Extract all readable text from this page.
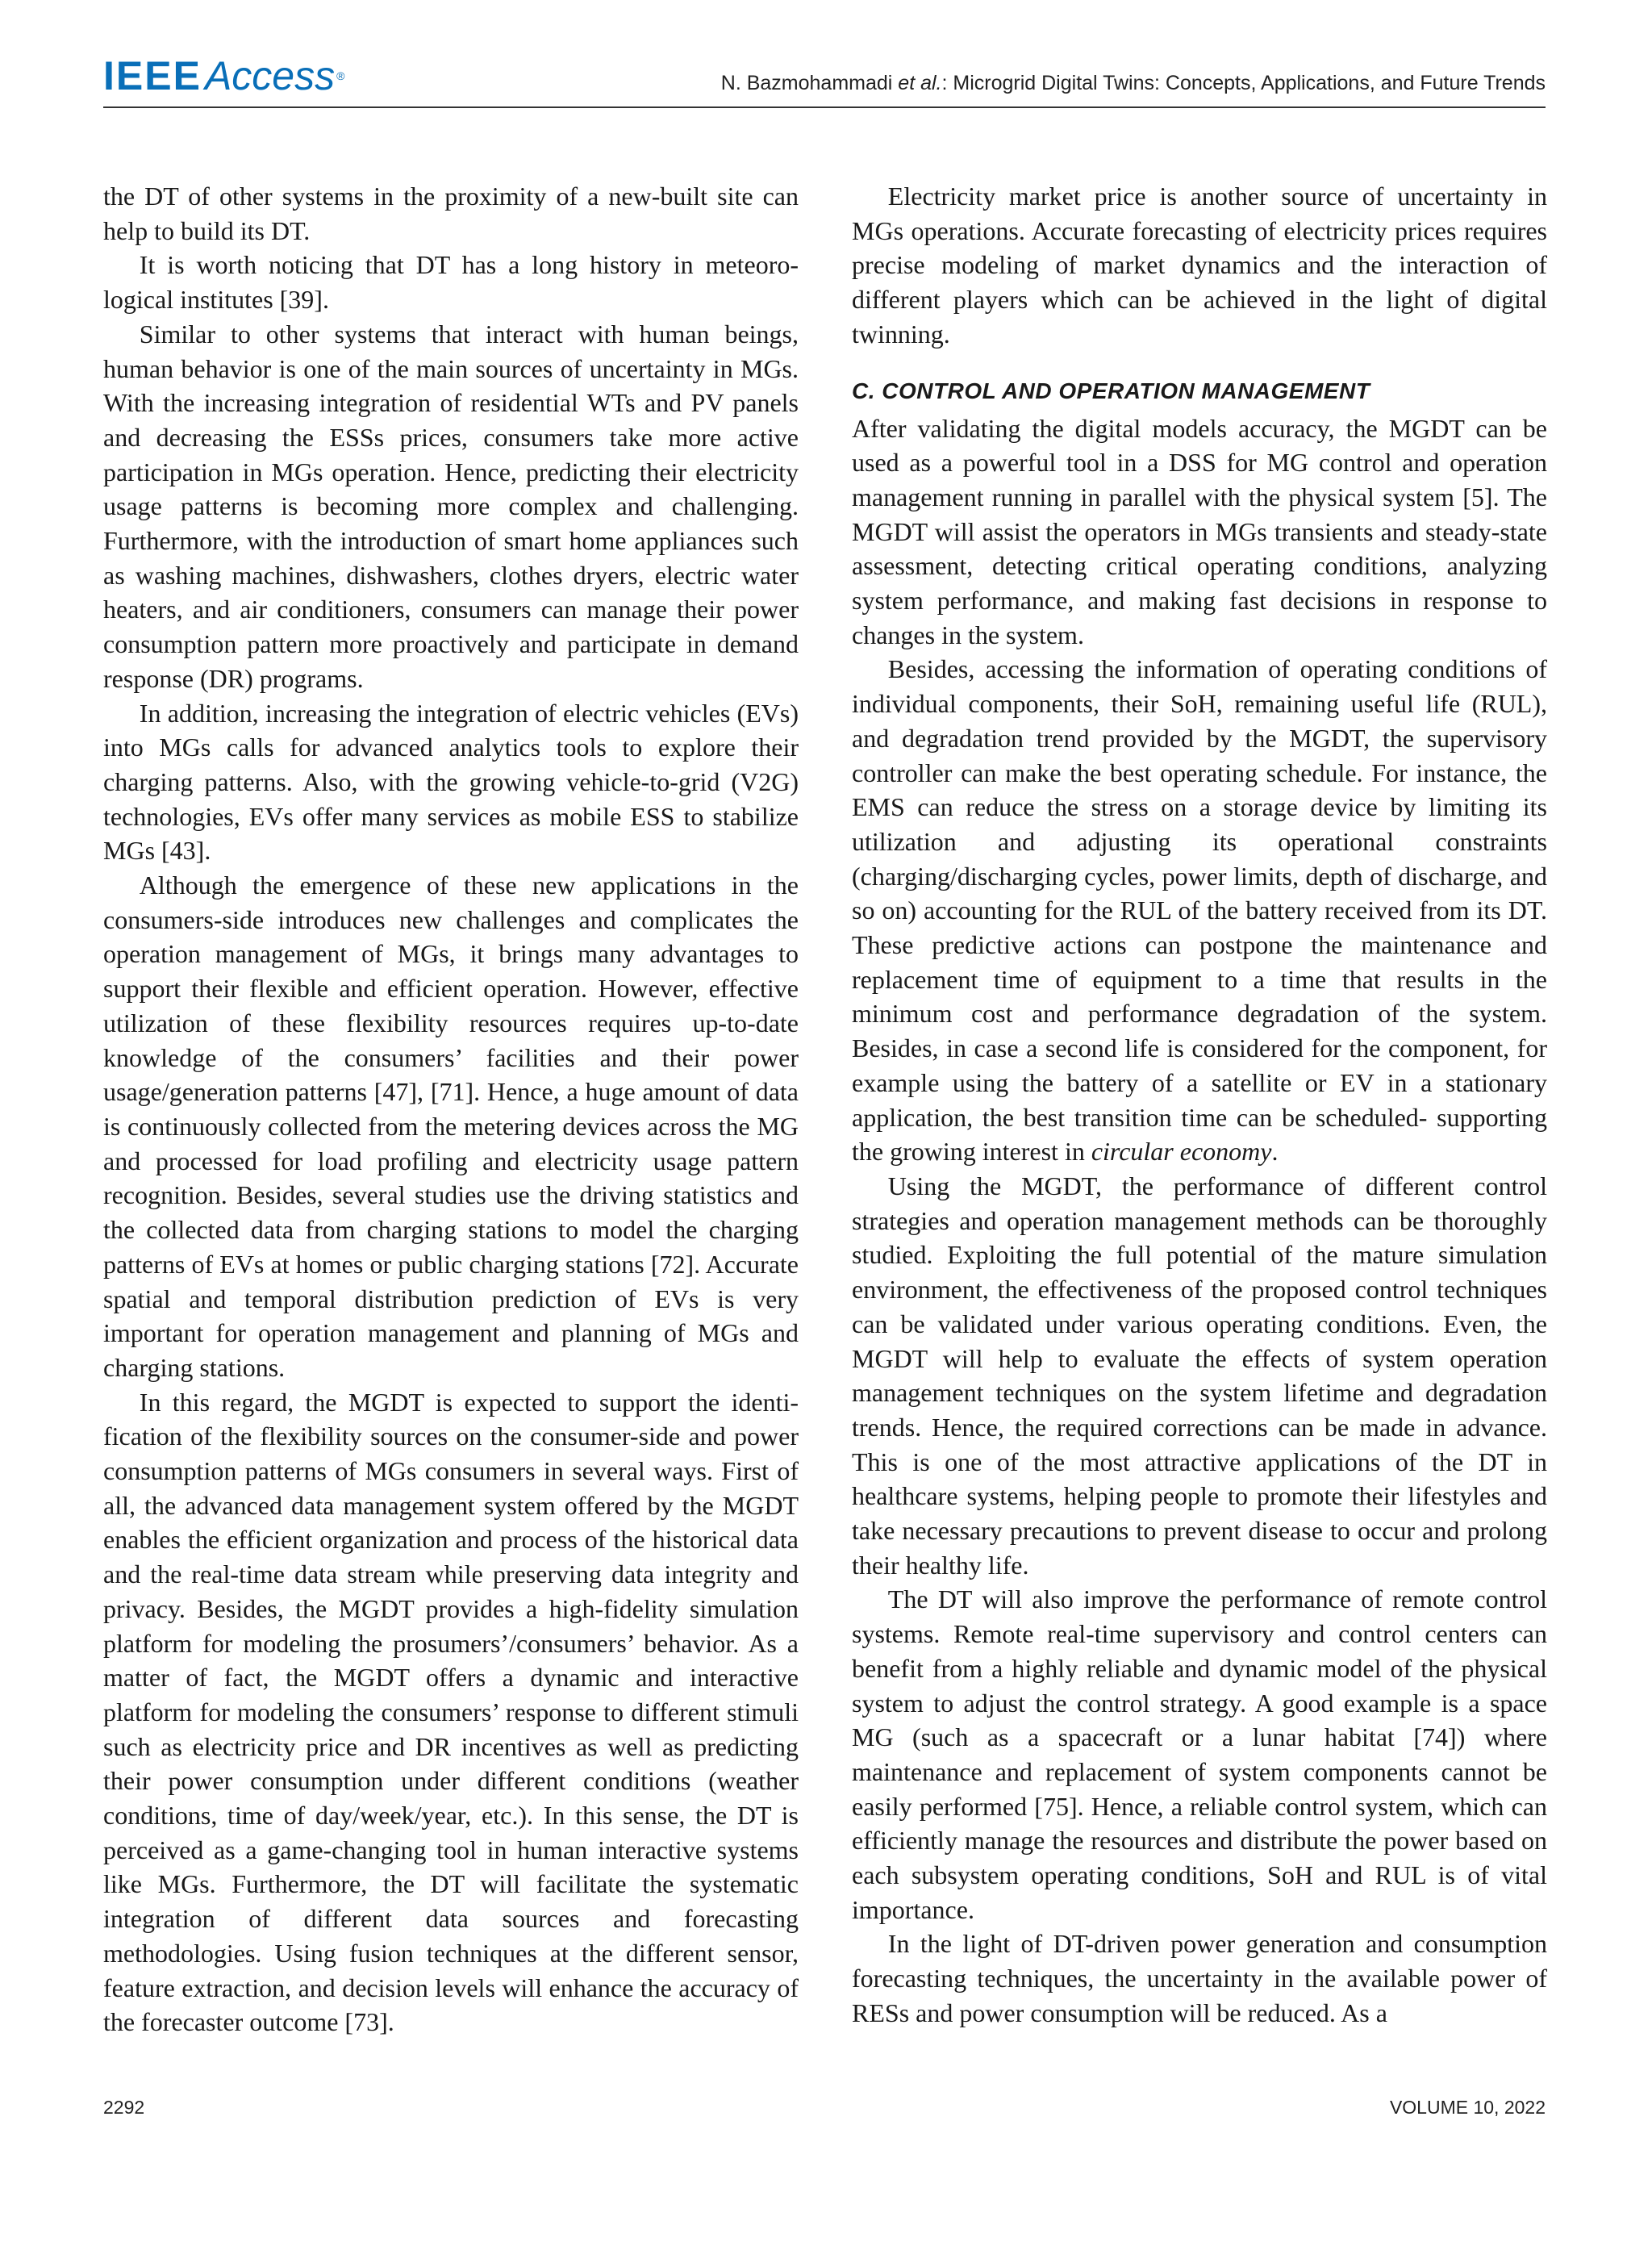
IEEEAccess ®	N. Bazmohammadi et al.: Microgrid Digital Twins: Concepts, Applications, and Future Trends

the DT of other systems in the proximity of a new-built site can help to build its DT.

It is worth noticing that DT has a long history in meteorological institutes [39].

Similar to other systems that interact with human beings, human behavior is one of the main sources of uncertainty in MGs. With the increasing integration of residential WTs and PV panels and decreasing the ESSs prices, consumers take more active participation in MGs operation. Hence, predicting their electricity usage patterns is becoming more complex and challenging. Furthermore, with the introduction of smart home appliances such as washing machines, dishwashers, clothes dryers, electric water heaters, and air conditioners, consumers can manage their power consumption pattern more proactively and participate in demand response (DR) programs.

In addition, increasing the integration of electric vehicles (EVs) into MGs calls for advanced analytics tools to explore their charging patterns. Also, with the growing vehicle-to-grid (V2G) technologies, EVs offer many services as mobile ESS to stabilize MGs [43].

Although the emergence of these new applications in the consumers-side introduces new challenges and complicates the operation management of MGs, it brings many advantages to support their flexible and efficient operation. However, effective utilization of these flexibility resources requires up-to-date knowledge of the consumers’ facilities and their power usage/generation patterns [47], [71]. Hence, a huge amount of data is continuously collected from the metering devices across the MG and processed for load profiling and electricity usage pattern recognition. Besides, several studies use the driving statistics and the collected data from charging stations to model the charging patterns of EVs at homes or public charging stations [72]. Accurate spatial and temporal distribution prediction of EVs is very important for operation management and planning of MGs and charging stations.

In this regard, the MGDT is expected to support the identification of the flexibility sources on the consumer-side and power consumption patterns of MGs consumers in several ways. First of all, the advanced data management system offered by the MGDT enables the efficient organization and process of the historical data and the real-time data stream while preserving data integrity and privacy. Besides, the MGDT provides a high-fidelity simulation platform for modeling the prosumers’/consumers’ behavior. As a matter of fact, the MGDT offers a dynamic and interactive platform for modeling the consumers’ response to different stimuli such as electricity price and DR incentives as well as predicting their power consumption under different conditions (weather conditions, time of day/week/year, etc.). In this sense, the DT is perceived as a game-changing tool in human interactive systems like MGs. Furthermore, the DT will facilitate the systematic integration of different data sources and forecasting methodologies. Using fusion techniques at the different sensor, feature extraction, and decision levels will enhance the accuracy of the forecaster outcome [73].

Electricity market price is another source of uncertainty in MGs operations. Accurate forecasting of electricity prices requires precise modeling of market dynamics and the interaction of different players which can be achieved in the light of digital twinning.

C. CONTROL AND OPERATION MANAGEMENT

After validating the digital models accuracy, the MGDT can be used as a powerful tool in a DSS for MG control and operation management running in parallel with the physical system [5]. The MGDT will assist the operators in MGs transients and steady-state assessment, detecting critical operating conditions, analyzing system performance, and making fast decisions in response to changes in the system.

Besides, accessing the information of operating conditions of individual components, their SoH, remaining useful life (RUL), and degradation trend provided by the MGDT, the supervisory controller can make the best operating schedule. For instance, the EMS can reduce the stress on a storage device by limiting its utilization and adjusting its operational constraints (charging/discharging cycles, power limits, depth of discharge, and so on) accounting for the RUL of the battery received from its DT. These predictive actions can postpone the maintenance and replacement time of equipment to a time that results in the minimum cost and performance degradation of the system. Besides, in case a second life is considered for the component, for example using the battery of a satellite or EV in a stationary application, the best transition time can be scheduled- supporting the growing interest in circular economy.

Using the MGDT, the performance of different control strategies and operation management methods can be thoroughly studied. Exploiting the full potential of the mature simulation environment, the effectiveness of the proposed control techniques can be validated under various operating conditions. Even, the MGDT will help to evaluate the effects of system operation management techniques on the system lifetime and degradation trends. Hence, the required corrections can be made in advance. This is one of the most attractive applications of the DT in healthcare systems, helping people to promote their lifestyles and take necessary precautions to prevent disease to occur and prolong their healthy life.

The DT will also improve the performance of remote control systems. Remote real-time supervisory and control centers can benefit from a highly reliable and dynamic model of the physical system to adjust the control strategy. A good example is a space MG (such as a spacecraft or a lunar habitat [74]) where maintenance and replacement of system components cannot be easily performed [75]. Hence, a reliable control system, which can efficiently manage the resources and distribute the power based on each subsystem operating conditions, SoH and RUL is of vital importance.

In the light of DT-driven power generation and consumption forecasting techniques, the uncertainty in the available power of RESs and power consumption will be reduced. As a

2292	VOLUME 10, 2022
